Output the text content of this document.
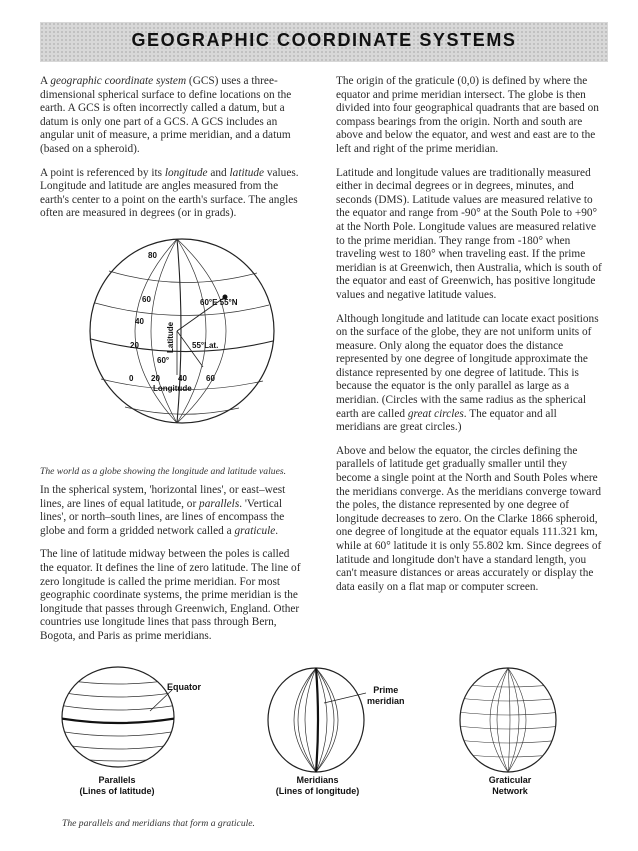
GEOGRAPHIC COORDINATE SYSTEMS

A geographic coordinate system (GCS) uses a three-dimensional spherical surface to define locations on the earth. A GCS is often incorrectly called a datum, but a datum is only one part of a GCS. A GCS includes an angular unit of measure, a prime meridian, and a datum (based on a spheroid).

A point is referenced by its longitude and latitude values. Longitude and latitude are angles measured from the earth's center to a point on the earth's surface. The angles often are measured in degrees (or in grads).

80
60
40
20
60°E 55°N
Latitude 55°Lat.
60°
0 20 40 60
Longitude
The world as a globe showing the longitude and latitude values.

In the spherical system, 'horizontal lines', or east–west lines, are lines of equal latitude, or parallels. 'Vertical lines', or north–south lines, are lines of encompass the globe and form a gridded network called a graticule.

The line of latitude midway between the poles is called the equator. It defines the line of zero latitude. The line of zero longitude is called the prime meridian. For most geographic coordinate systems, the prime meridian is the longitude that passes through Greenwich, England. Other countries use longitude lines that pass through Bern, Bogota, and Paris as prime meridians.

The origin of the graticule (0,0) is defined by where the equator and prime meridian intersect. The globe is then divided into four geographical quadrants that are based on compass bearings from the origin. North and south are above and below the equator, and west and east are to the left and right of the prime meridian.

Latitude and longitude values are traditionally measured either in decimal degrees or in degrees, minutes, and seconds (DMS). Latitude values are measured relative to the equator and range from -90° at the South Pole to +90° at the North Pole. Longitude values are measured relative to the prime meridian. They range from -180° when traveling west to 180° when traveling east. If the prime meridian is at Greenwich, then Australia, which is south of the equator and east of Greenwich, has positive longitude values and negative latitude values.

Although longitude and latitude can locate exact positions on the surface of the globe, they are not uniform units of measure. Only along the equator does the distance represented by one degree of longitude approximate the distance represented by one degree of latitude. This is because the equator is the only parallel as large as a meridian. (Circles with the same radius as the spherical earth are called great circles. The equator and all meridians are great circles.)

Above and below the equator, the circles defining the parallels of latitude get gradually smaller until they become a single point at the North and South Poles where the meridians converge. As the meridians converge toward the poles, the distance represented by one degree of longitude decreases to zero. On the Clarke 1866 spheroid, one degree of longitude at the equator equals 111.321 km, while at 60° latitude it is only 55.802 km. Since degrees of latitude and longitude don't have a standard length, you can't measure distances or areas accurately or display the data easily on a flat map or computer screen.

Equator	Prime
meridian
Parallels
(Lines of latitude)
Meridians
(Lines of longitude)
Graticular
Network
The parallels and meridians that form a graticule.
